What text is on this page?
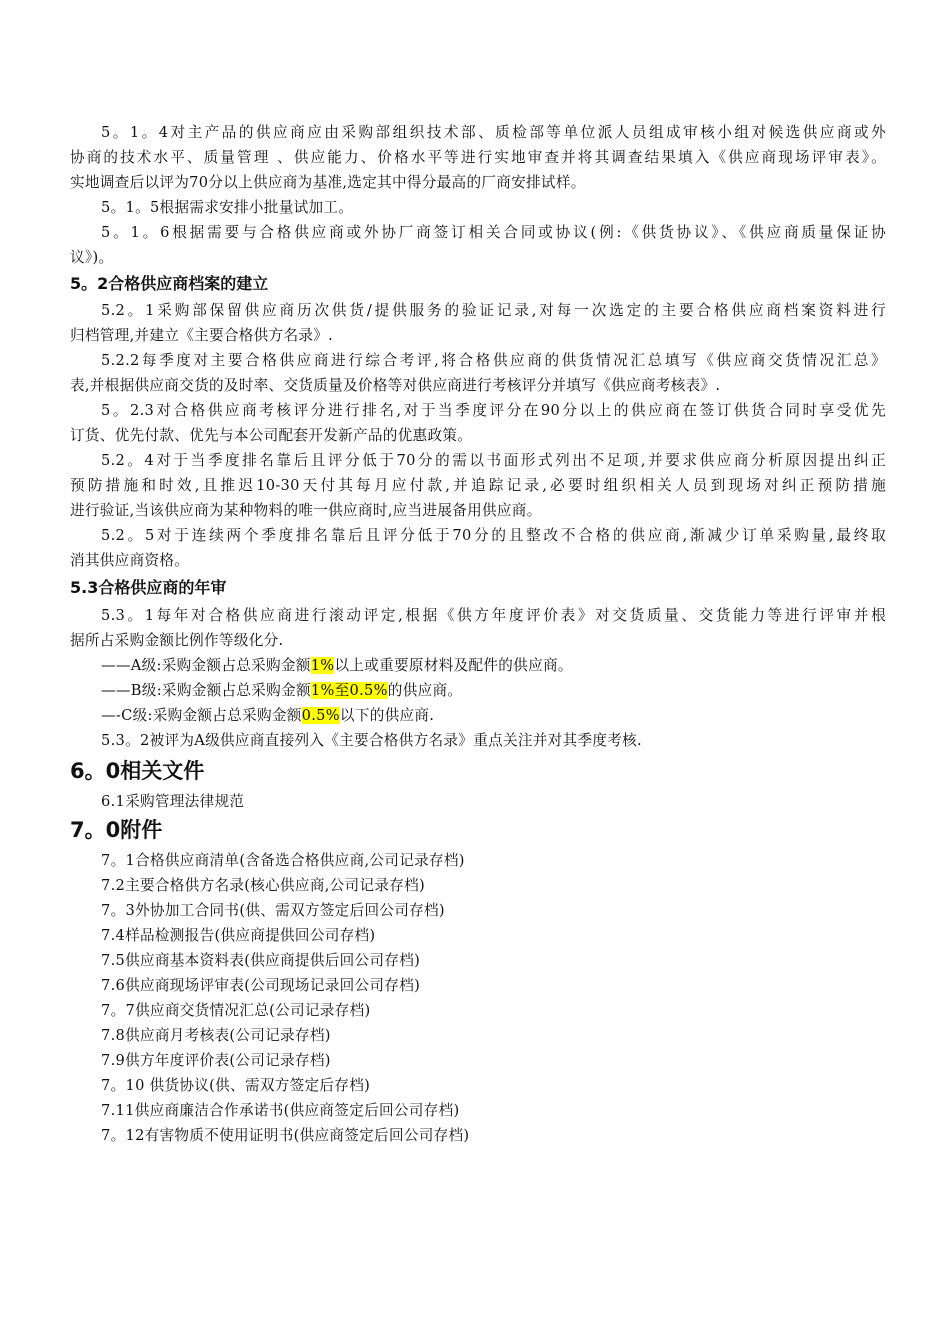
5。1。4对主产品的供应商应由采购部组织技术部、质检部等单位派人员组成审核小组对候选供应商或外
协商的技术水平、质量管理 、供应能力、价格水平等进行实地审查并将其调查结果填入《供应商现场评审表》。
实地调查后以评为70分以上供应商为基准,选定其中得分最高的厂商安排试样。
5。1。5根据需求安排小批量试加工。
5。1。6根据需要与合格供应商或外协厂商签订相关合同或协议(例:《供货协议》、《供应商质量保证协
议》)。
5。2合格供应商档案的建立
5.2。1采购部保留供应商历次供货/提供服务的验证记录,对每一次选定的主要合格供应商档案资料进行
归档管理,并建立《主要合格供方名录》.
5.2.2每季度对主要合格供应商进行综合考评,将合格供应商的供货情况汇总填写《供应商交货情况汇总》
表,并根据供应商交货的及时率、交货质量及价格等对供应商进行考核评分并填写《供应商考核表》.
5。2.3对合格供应商考核评分进行排名,对于当季度评分在90分以上的供应商在签订供货合同时享受优先
订货、优先付款、优先与本公司配套开发新产品的优惠政策。
5.2。4对于当季度排名靠后且评分低于70分的需以书面形式列出不足项,并要求供应商分析原因提出纠正
预防措施和时效,且推迟10-30天付其每月应付款,并追踪记录,必要时组织相关人员到现场对纠正预防措施
进行验证,当该供应商为某种物料的唯一供应商时,应当进展备用供应商。
5.2。5对于连续两个季度排名靠后且评分低于70分的且整改不合格的供应商,渐减少订单采购量,最终取
消其供应商资格。
5.3合格供应商的年审
5.3。1每年对合格供应商进行滚动评定,根据《供方年度评价表》对交货质量、交货能力等进行评审并根
据所占采购金额比例作等级化分.
——A级:采购金额占总采购金额1%以上或重要原材料及配件的供应商。
——B级:采购金额占总采购金额1%至0.5%的供应商。
—-C级:采购金额占总采购金额0.5%以下的供应商.
5.3。2被评为A级供应商直接列入《主要合格供方名录》重点关注并对其季度考核.
6。0相关文件
6.1采购管理法律规范
7。0附件
7。1合格供应商清单(含备选合格供应商,公司记录存档)
7.2主要合格供方名录(核心供应商,公司记录存档)
7。3外协加工合同书(供、需双方签定后回公司存档)
7.4样品检测报告(供应商提供回公司存档)
7.5供应商基本资料表(供应商提供后回公司存档)
7.6供应商现场评审表(公司现场记录回公司存档)
7。7供应商交货情况汇总(公司记录存档)
7.8供应商月考核表(公司记录存档)
7.9供方年度评价表(公司记录存档)
7。10 供货协议(供、需双方签定后存档)
7.11供应商廉洁合作承诺书(供应商签定后回公司存档)
7。12有害物质不使用证明书(供应商签定后回公司存档)
